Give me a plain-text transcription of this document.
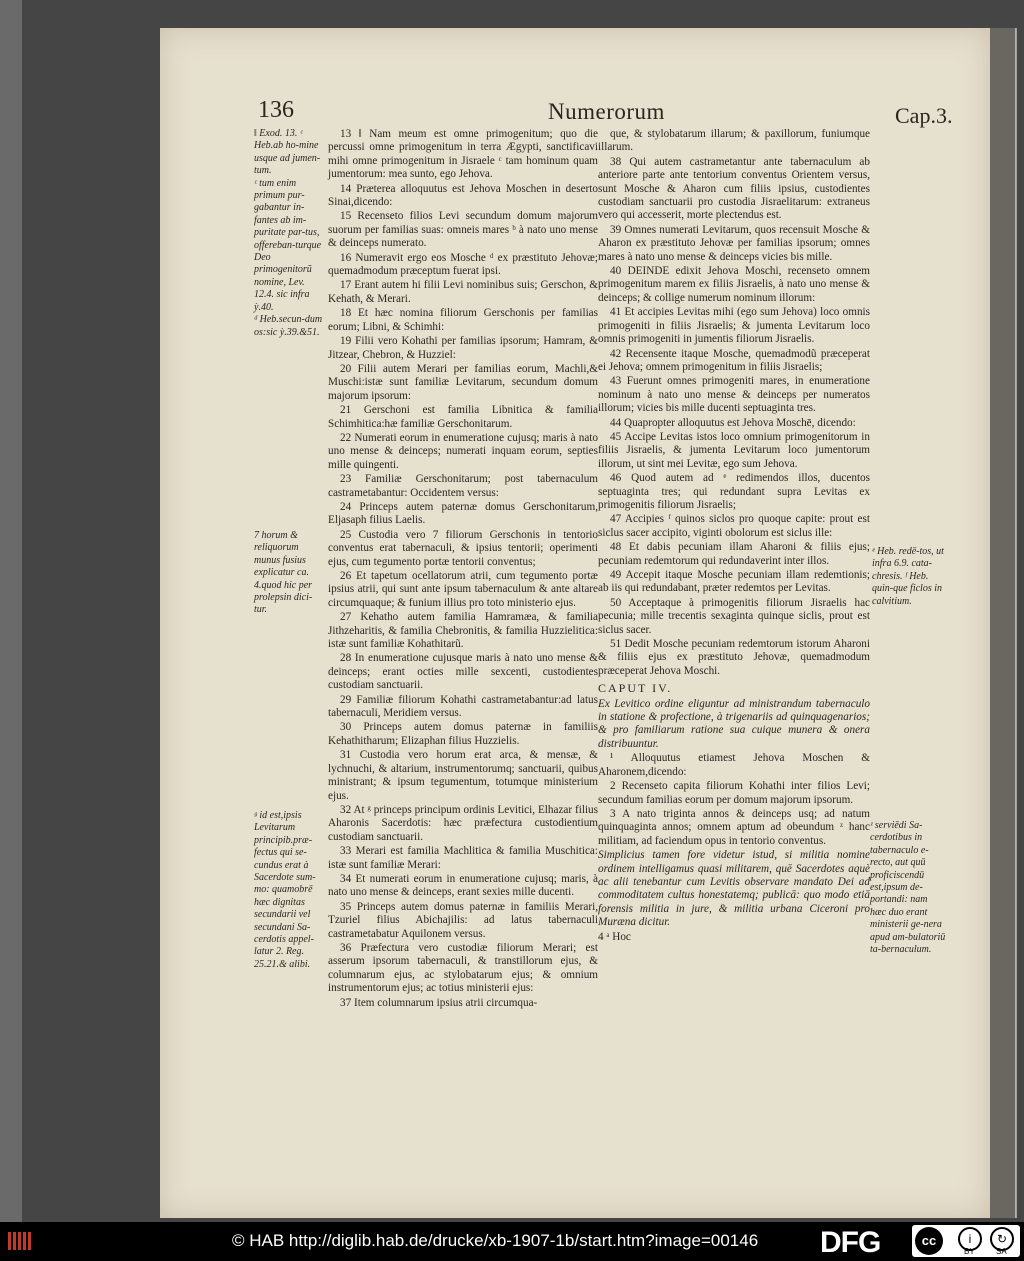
136	Numerorum	Cap.3.
‖ Exod. 13. ᶜ Heb.ab ho-mine usque ad jumen-tum.
ᶜ tum enim primum pur-gabantur in-fantes ab im-puritate par-tus, offereban-turque Deo primogenitorũ nomine, Lev. 12.4. sic infra ỳ.40.
ᵈ Heb.secun-dum os:sic ỳ.39.&51.
7 horum & reliquorum munus fusius explicatur ca. 4.quod hic per prolepsin dici-tur.
ᵍ id est,ipsis Levitarum principib.præ-fectus qui se-cundus erat à Sacerdote sum-mo: quamobrē hæc dignitas secundarii vel secundani Sa-cerdotis appel-latur 2. Reg. 25.21.& alibi.
ᵉ Heb. redē-tos, ut infra 6.9. cata-chresis. ᶠ Heb. quin-que ficlos in calvitium.
ᶻ serviēdi Sa-cerdotibus in tabernaculo e-recto, aut quū proficiscendū est,ipsum de-portandi: nam hæc duo erant ministerii ge-nera apud am-bulatoriū ta-bernaculum.

13 ‖ Nam meum est omne primogenitum; quo die percussi omne primogenitum in terra Ægypti, sanctificavi mihi omne primogenitum in Jisraele ᶜ tam hominum quam jumentorum: mea sunto, ego Jehova.

14 Præterea alloquutus est Jehova Moschen in deserto Sinai,dicendo:

15 Recenseto filios Levi secundum domum majorum suorum per familias suas: omneis mares ᵇ à nato uno mense & deinceps numerato.

16 Numeravit ergo eos Mosche ᵈ ex præstituto Jehovæ; quemadmodum præceptum fuerat ipsi.

17 Erant autem hi filii Levi nominibus suis; Gerschon, & Kehath, & Merari.

18 Et hæc nomina filiorum Gerschonis per familias eorum; Libni, & Schimhi:

19 Filii vero Kohathi per familias ipsorum; Hamram, & Jitzear, Chebron, & Huzziel:

20 Filii autem Merari per familias eorum, Machli,& Muschi:istæ sunt familiæ Levitarum, secundum domum majorum ipsorum:

21 Gerschoni est familia Libnitica & familia Schimhitica:hæ familiæ Gerschonitarum.

22 Numerati eorum in enumeratione cujusq; maris à nato uno mense & deinceps; numerati inquam eorum, septies mille quingenti.

23 Familiæ Gerschonitarum; post tabernaculum castrametabantur: Occidentem versus:

24 Princeps autem paternæ domus Gerschonitarum, Eljasaph filius Laelis.

25 Custodia vero 7 filiorum Gerschonis in tentorio conventus erat tabernaculi, & ipsius tentorii; operimenti ejus, cum tegumento portæ tentorii conventus;

26 Et tapetum ocellatorum atrii, cum tegumento portæ ipsius atrii, qui sunt ante ipsum tabernaculum & ante altare circumquaque; & funium illius pro toto ministerio ejus.

27 Kehatho autem familia Hamramæa, & familia Jithzeharitis, & familia Chebronitis, & familia Huzzielitica: istæ sunt familiæ Kohathitarũ.

28 In enumeratione cujusque maris à nato uno mense & deinceps; erant octies mille sexcenti, custodientes custodiam sanctuarii.

29 Familiæ filiorum Kohathi castrametabantur:ad latus tabernaculi, Meridiem versus.

30 Princeps autem domus paternæ in familiis Kehathitharum; Elizaphan filius Huzzielis.

31 Custodia vero horum erat arca, & mensæ, & lychnuchi, & altarium, instrumentorumq; sanctuarii, quibus ministrant; & ipsum tegumentum, totumque ministerium ejus.

32 At ᵍ princeps principum ordinis Levitici, Elhazar filius Aharonis Sacerdotis: hæc præfectura custodientium custodiam sanctuarii.

33 Merari est familia Machlitica & familia Muschitica: istæ sunt familiæ Merari:

34 Et numerati eorum in enumeratione cujusq; maris, à nato uno mense & deinceps, erant sexies mille ducenti.

35 Princeps autem domus paternæ in familiis Merari, Tzuriel filius Abichajilis: ad latus tabernaculi castrametabatur Aquilonem versus.

36 Præfectura vero custodiæ filiorum Merari; est asserum ipsorum tabernaculi, & transtillorum ejus, & columnarum ejus, ac stylobatarum ejus; & omnium instrumentorum ejus; ac totius ministerii ejus:

37 Item columnarum ipsius atrii circumqua-

que, & stylobatarum illarum; & paxillorum, funiumque illarum.

38 Qui autem castrametantur ante tabernaculum ab anteriore parte ante tentorium conventus Orientem versus, sunt Mosche & Aharon cum filiis ipsius, custodientes custodiam sanctuarii pro custodia Jisraelitarum: extraneus vero qui accesserit, morte plectendus est.

39 Omnes numerati Levitarum, quos recensuit Mosche & Aharon ex præstituto Jehovæ per familias ipsorum; omnes mares à nato uno mense & deinceps vicies bis mille.

40 DEINDE edixit Jehova Moschi, recenseto omnem primogenitum marem ex filiis Jisraelis, à nato uno mense & deinceps; & collige numerum nominum illorum:

41 Et accipies Levitas mihi (ego sum Jehova) loco omnis primogeniti in filiis Jisraelis; & jumenta Levitarum loco omnis primogeniti in jumentis filiorum Jisraelis.

42 Recensente itaque Mosche, quemadmodũ præceperat ei Jehova; omnem primogenitum in filiis Jisraelis;

43 Fuerunt omnes primogeniti mares, in enumeratione nominum à nato uno mense & deinceps per numeratos illorum; vicies bis mille ducenti septuaginta tres.

44 Quapropter alloquutus est Jehova Moschē, dicendo:

45 Accipe Levitas istos loco omnium primogenitorum in filiis Jisraelis, & jumenta Levitarum loco jumentorum illorum, ut sint mei Levitæ, ego sum Jehova.

46 Quod autem ad ᵉ redimendos illos, ducentos septuaginta tres; qui redundant supra Levitas ex primogenitis filiorum Jisraelis;

47 Accipies ᶠ quinos siclos pro quoque capite: prout est siclus sacer accipito, viginti obolorum est siclus ille:

48 Et dabis pecuniam illam Aharoni & filiis ejus; pecuniam redemtorum qui redundaverint inter illos.

49 Accepit itaque Mosche pecuniam illam redemtionis; ab iis qui redundabant, præter redemtos per Levitas.

50 Acceptaque à primogenitis filiorum Jisraelis hac pecunia; mille trecentis sexaginta quinque siclis, prout est siclus sacer.

51 Dedit Mosche pecuniam redemtorum istorum Aharoni & filiis ejus ex præstituto Jehovæ, quemadmodum præceperat Jehova Moschi.

CAPUT IV.

Ex Levitico ordine eliguntur ad ministrandum tabernaculo in statione & profectione, à trigenariis ad quinquagenarios; & pro familiarum ratione sua cuique munera & onera distribuuntur.

¹ Alloquutus etiamest Jehova Moschen & Aharonem,dicendo:

2 Recenseto capita filiorum Kohathi inter filios Levi; secundum familias eorum per domum majorum ipsorum.

3 A nato triginta annos & deinceps usq; ad natum quinquaginta annos; omnem aptum ad obeundum ᶻ hanc militiam, ad faciendum opus in tentorio conventus.

Simplicius tamen fore videtur istud, si militia nomine ordinem intelligamus quasi militarem, quē Sacerdotes aquè ac alii tenebantur cum Levitis observare mandato Dei ad commoditatem cultus honestatemq; publicā: quo modo etiā forensis militia in jure, & militia urbana Ciceroni pro Muræna dicitur.

4 ᵃ Hoc

© HAB http://diglib.hab.de/drucke/xb-1907-1b/start.htm?image=00146 DFG	cc	i	↻
BY	SA
